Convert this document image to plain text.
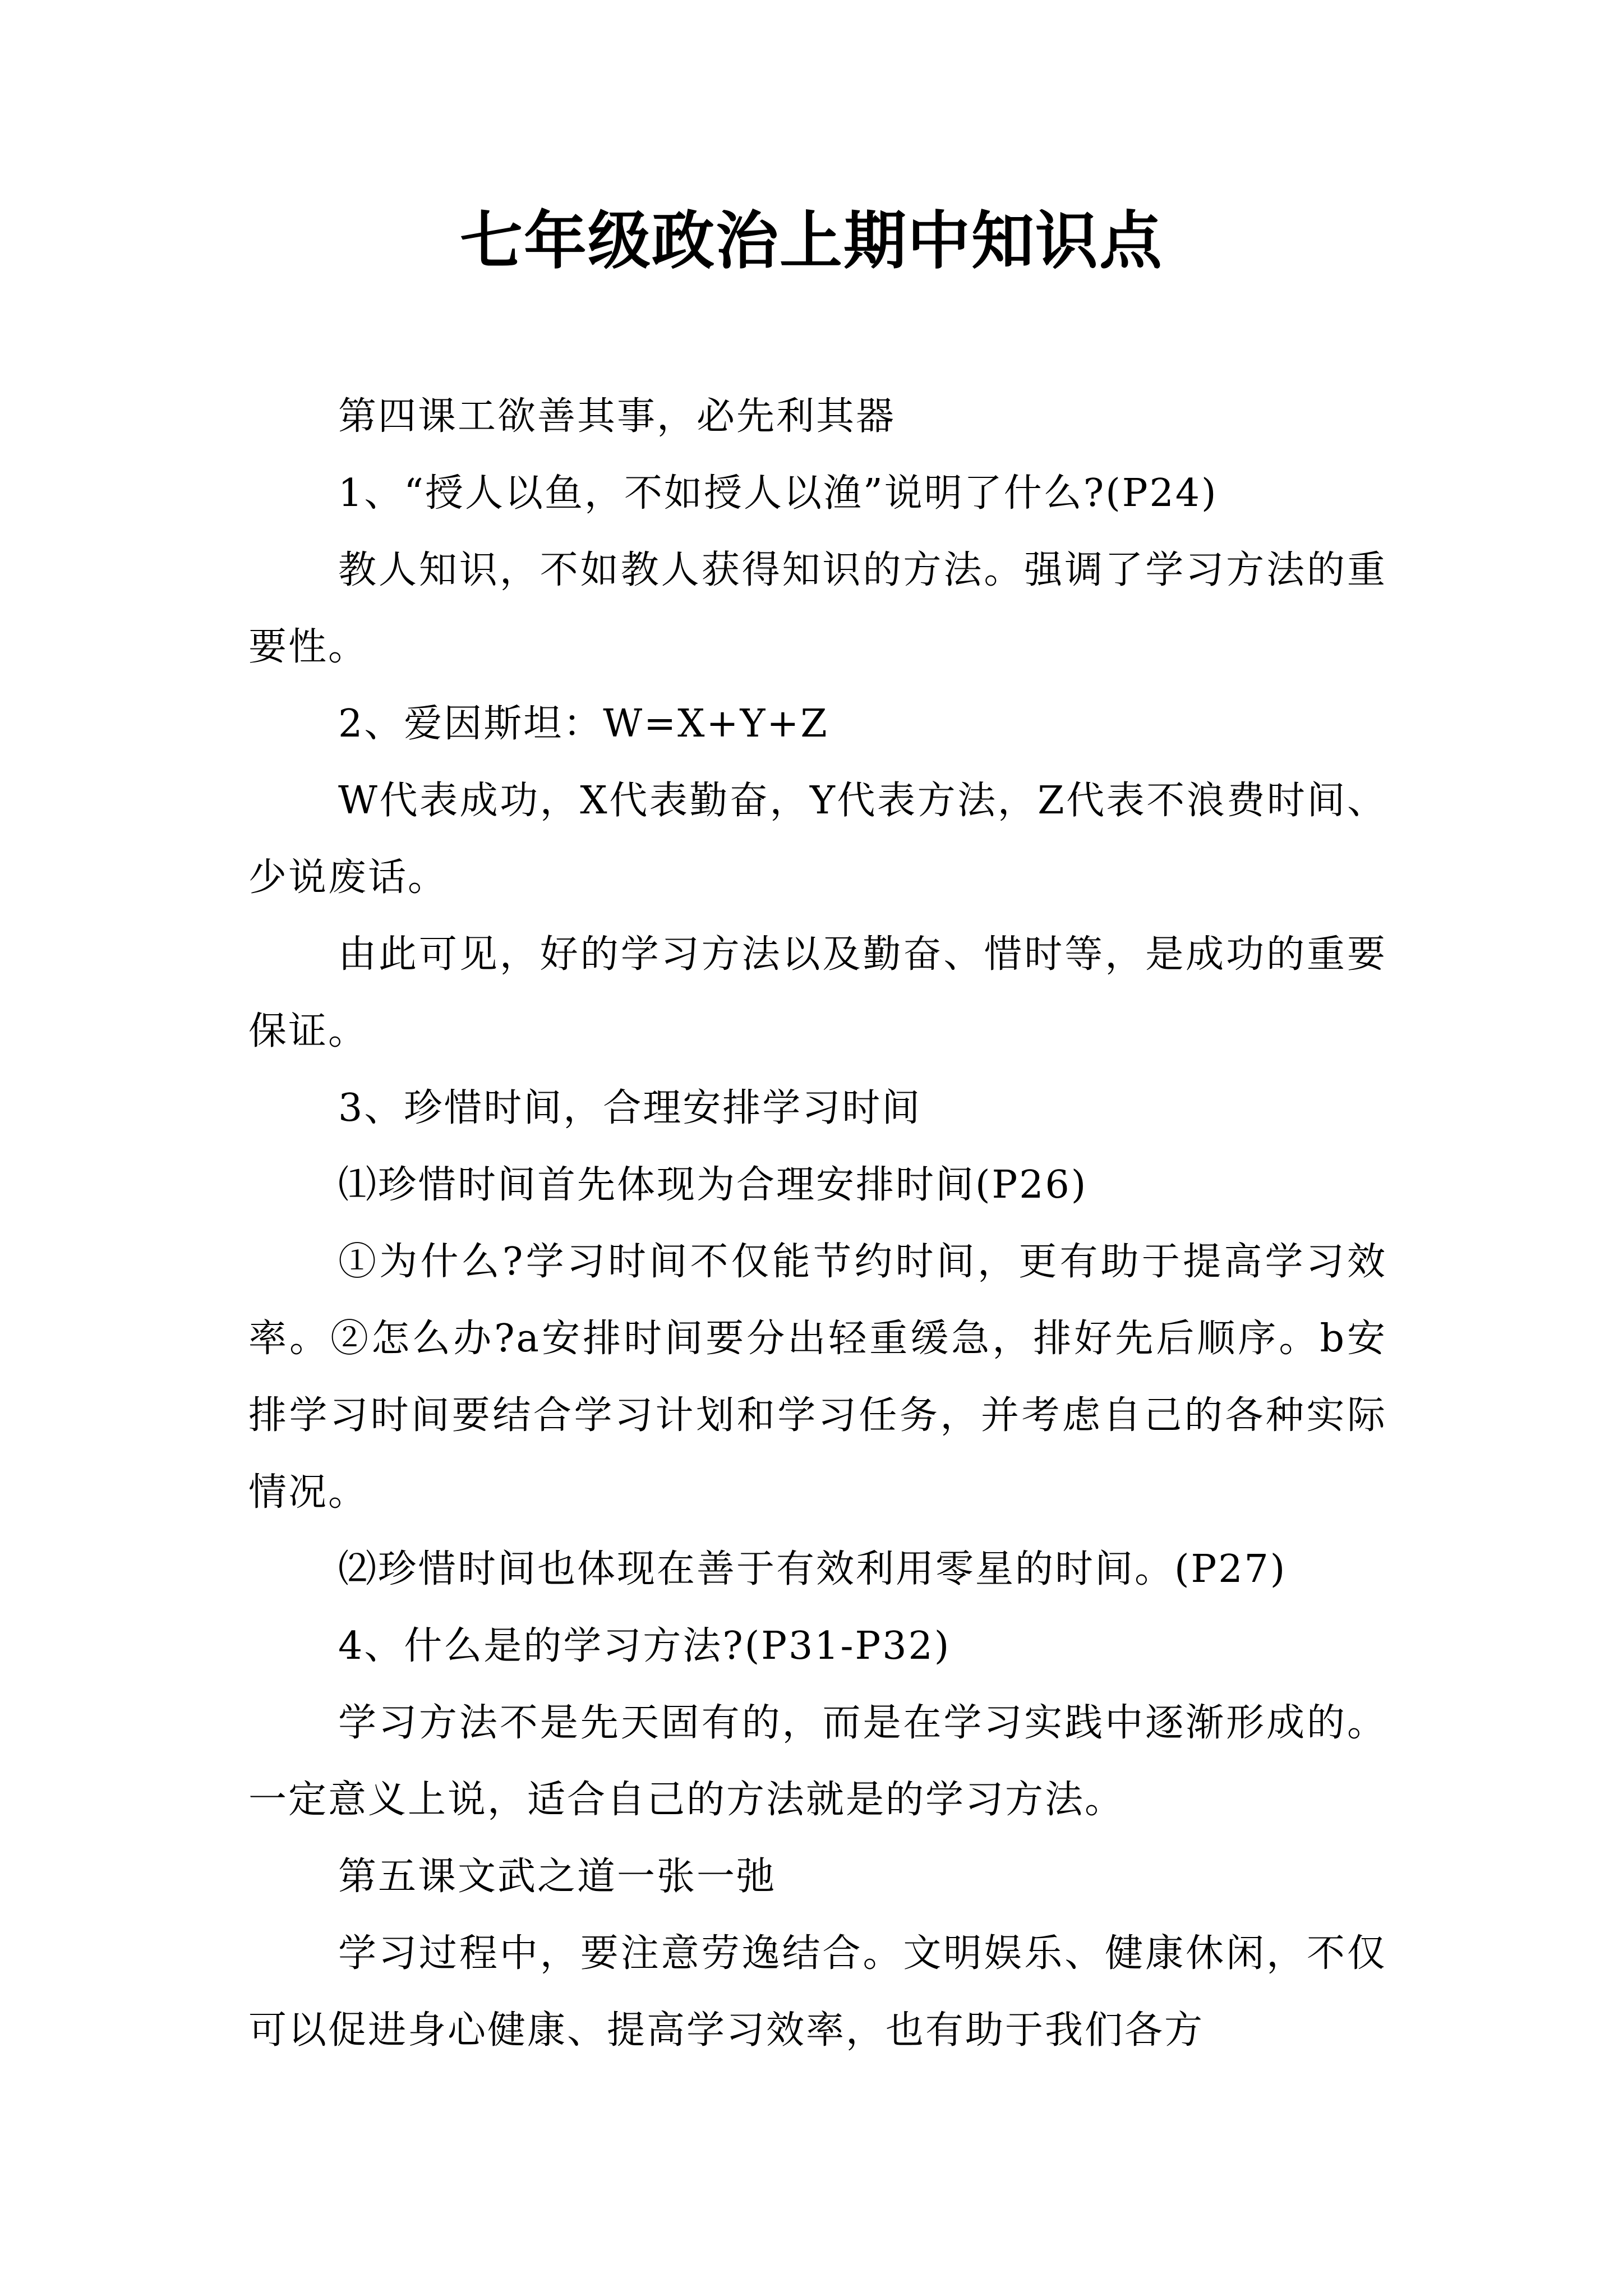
七年级政治上期中知识点

第四课工欲善其事，必先利其器

1、“授人以鱼，不如授人以渔”说明了什么?(P24)

教人知识，不如教人获得知识的方法。强调了学习方法的重要性。

2、爱因斯坦：W=X+Y+Z

W代表成功，X代表勤奋，Y代表方法，Z代表不浪费时间、少说废话。

由此可见，好的学习方法以及勤奋、惜时等，是成功的重要保证。

3、珍惜时间，合理安排学习时间

⑴珍惜时间首先体现为合理安排时间(P26)

①为什么?学习时间不仅能节约时间，更有助于提高学习效率。②怎么办?a安排时间要分出轻重缓急，排好先后顺序。b安排学习时间要结合学习计划和学习任务，并考虑自己的各种实际情况。

⑵珍惜时间也体现在善于有效利用零星的时间。(P27)

4、什么是的学习方法?(P31-P32)

学习方法不是先天固有的，而是在学习实践中逐渐形成的。一定意义上说，适合自己的方法就是的学习方法。

第五课文武之道一张一弛

学习过程中，要注意劳逸结合。文明娱乐、健康休闲，不仅可以促进身心健康、提高学习效率，也有助于我们各方
